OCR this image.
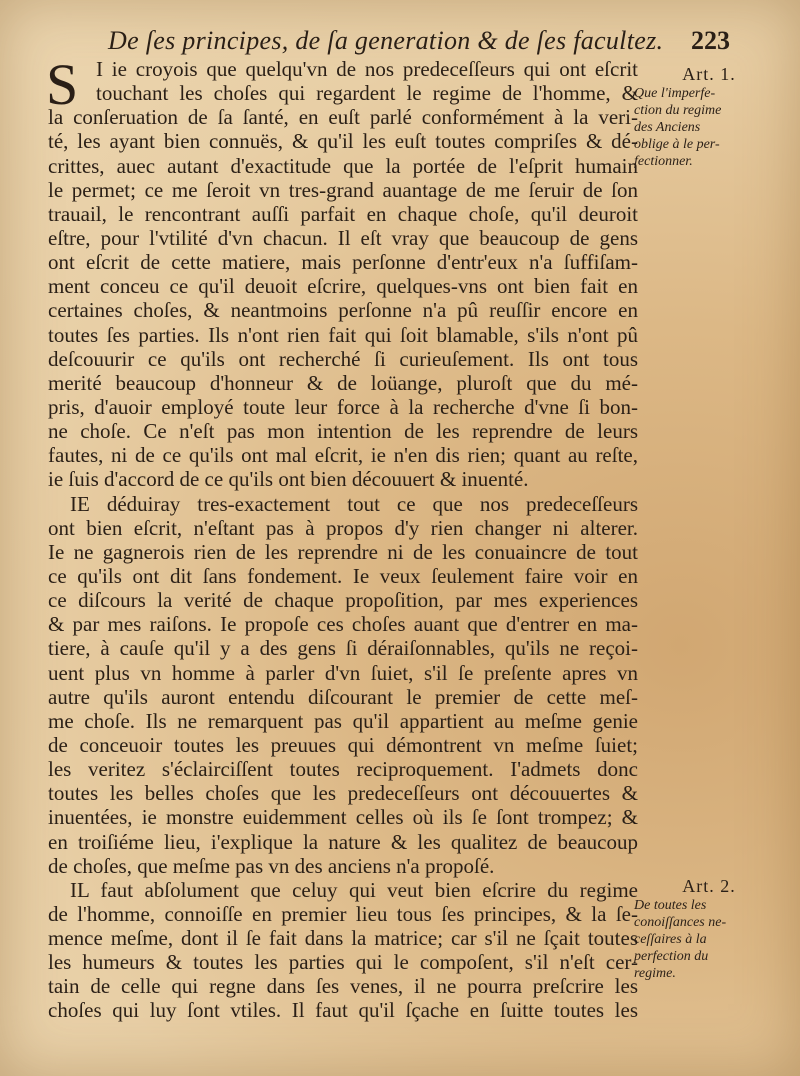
De ſes principes, de ſa generation & de ſes facultez. 223
S I ie croyois que quelqu'vn de nos predeceſſeurs qui ont eſcrit
touchant les choſes qui regardent le regime de l'homme, &
la conſeruation de ſa ſanté, en euſt parlé conformément à la veri-
té, les ayant bien connuës, & qu'il les euſt toutes compriſes & dé-
crittes, auec autant d'exactitude que la portée de l'eſprit humain
le permet; ce me ſeroit vn tres-grand auantage de me ſeruir de ſon
trauail, le rencontrant auſſi parfait en chaque choſe, qu'il deuroit
eſtre, pour l'vtilité d'vn chacun. Il eſt vray que beaucoup de gens
ont eſcrit de cette matiere, mais perſonne d'entr'eux n'a ſuffiſam-
ment conceu ce qu'il deuoit eſcrire, quelques-vns ont bien fait en
certaines choſes, & neantmoins perſonne n'a pû reuſſir encore en
toutes ſes parties. Ils n'ont rien fait qui ſoit blamable, s'ils n'ont pû
deſcouurir ce qu'ils ont recherché ſi curieuſement. Ils ont tous
merité beaucoup d'honneur & de loüange, pluroſt que du mé-
pris, d'auoir employé toute leur force à la recherche d'vne ſi bon-
ne choſe. Ce n'eſt pas mon intention de les reprendre de leurs
fautes, ni de ce qu'ils ont mal eſcrit, ie n'en dis rien; quant au reſte,
ie ſuis d'accord de ce qu'ils ont bien découuert & inuenté.
IE déduiray tres-exactement tout ce que nos predeceſſeurs
ont bien eſcrit, n'eſtant pas à propos d'y rien changer ni alterer.
Ie ne gagnerois rien de les reprendre ni de les conuaincre de tout
ce qu'ils ont dit ſans fondement. Ie veux ſeulement faire voir en
ce diſcours la verité de chaque propoſition, par mes experiences
& par mes raiſons. Ie propoſe ces choſes auant que d'entrer en ma-
tiere, à cauſe qu'il y a des gens ſi déraiſonnables, qu'ils ne reçoi-
uent plus vn homme à parler d'vn ſuiet, s'il ſe preſente apres vn
autre qu'ils auront entendu diſcourant le premier de cette meſ-
me choſe. Ils ne remarquent pas qu'il appartient au meſme genie
de conceuoir toutes les preuues qui démontrent vn meſme ſuiet;
les veritez s'éclairciſſent toutes reciproquement. I'admets donc
toutes les belles choſes que les predeceſſeurs ont découuertes &
inuentées, ie monstre euidemment celles où ils ſe ſont trompez; &
en troiſiéme lieu, i'explique la nature & les qualitez de beaucoup
de choſes, que meſme pas vn des anciens n'a propoſé.
IL faut abſolument que celuy qui veut bien eſcrire du regime
de l'homme, connoiſſe en premier lieu tous ſes principes, & la ſe-
mence meſme, dont il ſe fait dans la matrice; car s'il ne ſçait toutes
les humeurs & toutes les parties qui le compoſent, s'il n'eſt cer-
tain de celle qui regne dans ſes venes, il ne pourra preſcrire les
choſes qui luy ſont vtiles. Il faut qu'il ſçache en ſuitte toutes les
Art. 1.
Que l'imperfe-
ction du regime
des Anciens
oblige à le per-
fectionner.
Art. 2.
De toutes les
conoiſſances ne-
ceſſaires à la
perfection du
regime.
